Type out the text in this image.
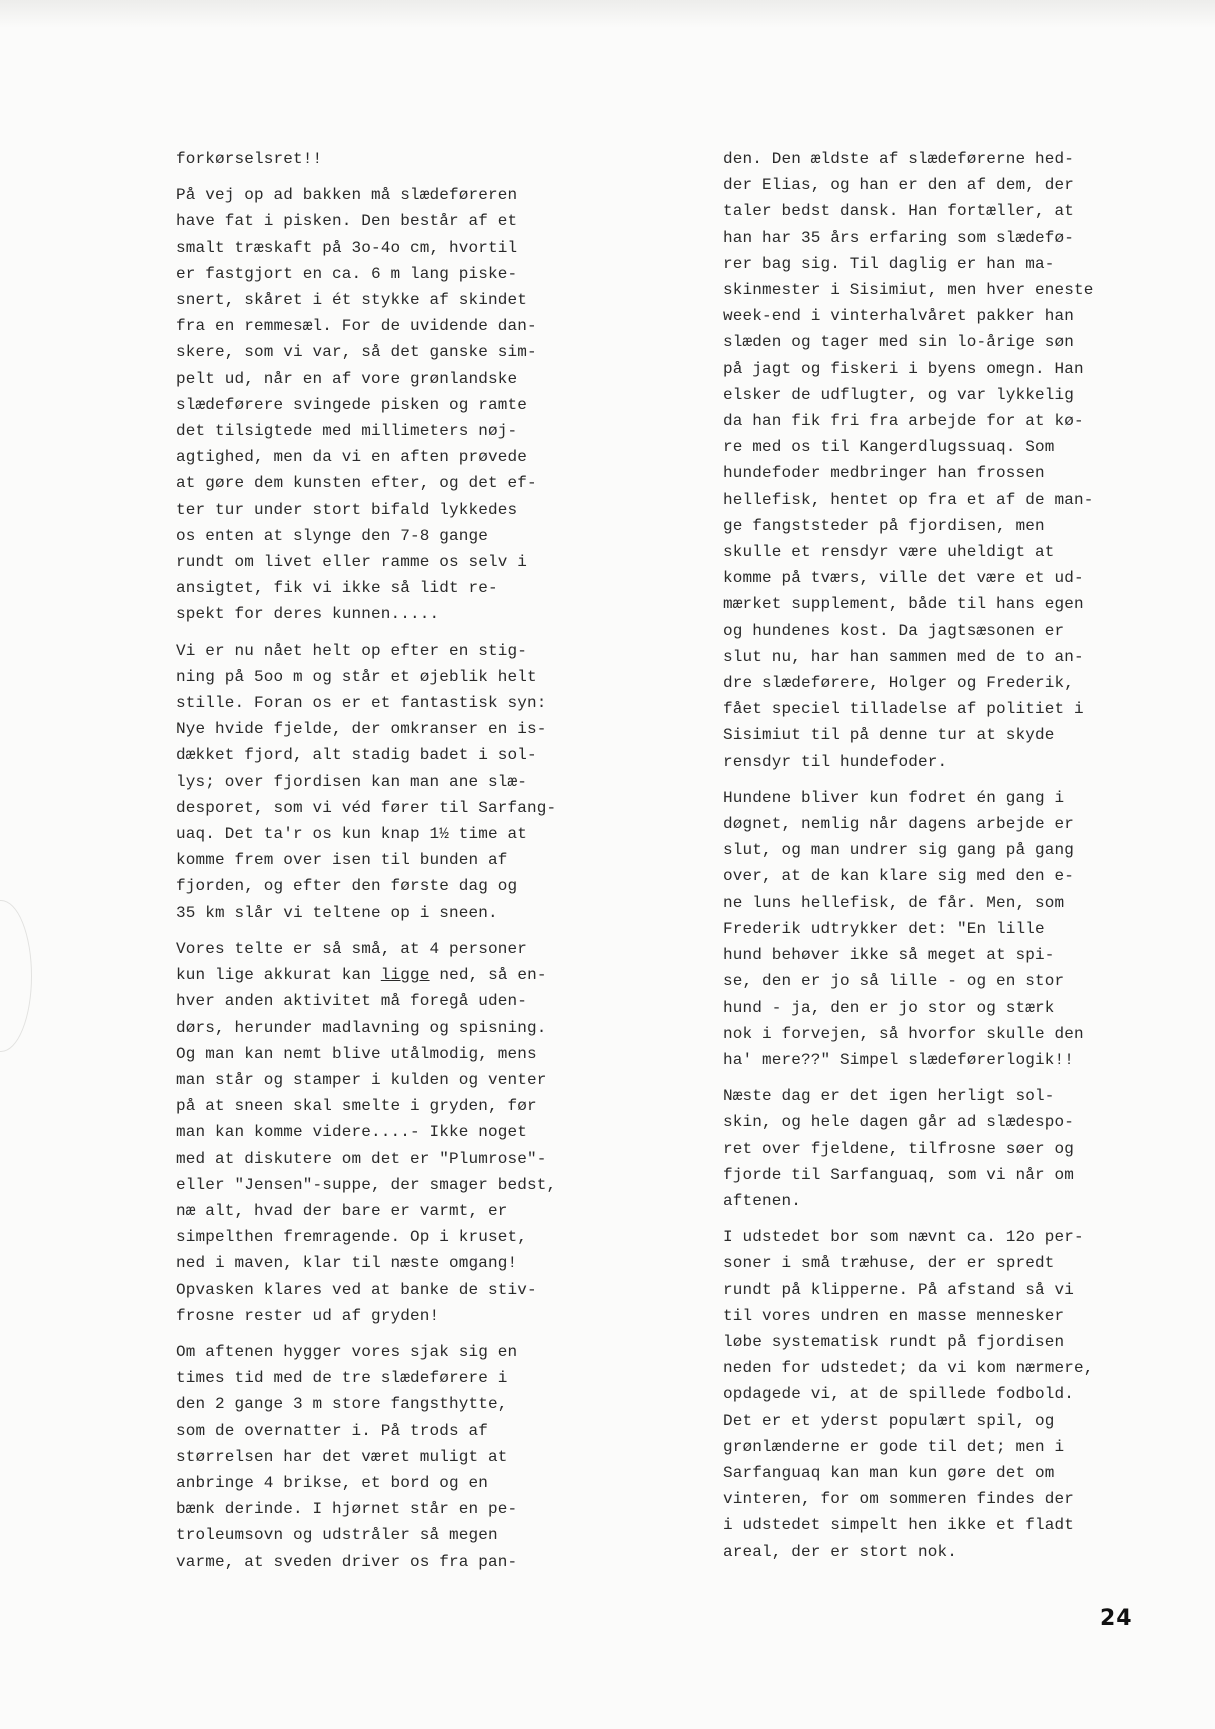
forkørselsret!!
På vej op ad bakken må slædeføreren
have fat i pisken. Den består af et
smalt træskaft på 3o-4o cm, hvortil
er fastgjort en ca. 6 m lang piske-
snert, skåret i ét stykke af skindet
fra en remmesæl. For de uvidende dan-
skere, som vi var, så det ganske sim-
pelt ud, når en af vore grønlandske
slædeførere svingede pisken og ramte
det tilsigtede med millimeters nøj-
agtighed, men da vi en aften prøvede
at gøre dem kunsten efter, og det ef-
ter tur under stort bifald lykkedes
os enten at slynge den 7-8 gange
rundt om livet eller ramme os selv i
ansigtet, fik vi ikke så lidt re-
spekt for deres kunnen.....
Vi er nu nået helt op efter en stig-
ning på 5oo m og står et øjeblik helt
stille. Foran os er et fantastisk syn:
Nye hvide fjelde, der omkranser en is-
dækket fjord, alt stadig badet i sol-
lys; over fjordisen kan man ane slæ-
desporet, som vi véd fører til Sarfang-
uaq. Det ta'r os kun knap 1½ time at
komme frem over isen til bunden af
fjorden, og efter den første dag og
35 km slår vi teltene op i sneen.
Vores telte er så små, at 4 personer
kun lige akkurat kan ligge ned, så en-
hver anden aktivitet må foregå uden-
dørs, herunder madlavning og spisning.
Og man kan nemt blive utålmodig, mens
man står og stamper i kulden og venter
på at sneen skal smelte i gryden, før
man kan komme videre....- Ikke noget
med at diskutere om det er "Plumrose"-
eller "Jensen"-suppe, der smager bedst,
næ alt, hvad der bare er varmt, er
simpelthen fremragende. Op i kruset,
ned i maven, klar til næste omgang!
Opvasken klares ved at banke de stiv-
frosne rester ud af gryden!
Om aftenen hygger vores sjak sig en
times tid med de tre slædeførere i
den 2 gange 3 m store fangsthytte,
som de overnatter i. På trods af
størrelsen har det været muligt at
anbringe 4 brikse, et bord og en
bænk derinde. I hjørnet står en pe-
troleumsovn og udstråler så megen
varme, at sveden driver os fra pan-
den. Den ældste af slædeførerne hed-
der Elias, og han er den af dem, der
taler bedst dansk. Han fortæller, at
han har 35 års erfaring som slædefø-
rer bag sig. Til daglig er han ma-
skinmester i Sisimiut, men hver eneste
week-end i vinterhalvåret pakker han
slæden og tager med sin lo-årige søn
på jagt og fiskeri i byens omegn. Han
elsker de udflugter, og var lykkelig
da han fik fri fra arbejde for at kø-
re med os til Kangerdlugssuaq. Som
hundefoder medbringer han frossen
hellefisk, hentet op fra et af de man-
ge fangststeder på fjordisen, men
skulle et rensdyr være uheldigt at
komme på tværs, ville det være et ud-
mærket supplement, både til hans egen
og hundenes kost. Da jagtsæsonen er
slut nu, har han sammen med de to an-
dre slædeførere, Holger og Frederik,
fået speciel tilladelse af politiet i
Sisimiut til på denne tur at skyde
rensdyr til hundefoder.
Hundene bliver kun fodret én gang i
døgnet, nemlig når dagens arbejde er
slut, og man undrer sig gang på gang
over, at de kan klare sig med den e-
ne luns hellefisk, de får. Men, som
Frederik udtrykker det: "En lille
hund behøver ikke så meget at spi-
se, den er jo så lille - og en stor
hund - ja, den er jo stor og stærk
nok i forvejen, så hvorfor skulle den
ha' mere??" Simpel slædeførerlogik!!
Næste dag er det igen herligt sol-
skin, og hele dagen går ad slædespo-
ret over fjeldene, tilfrosne søer og
fjorde til Sarfanguaq, som vi når om
aftenen.
I udstedet bor som nævnt ca. 12o per-
soner i små træhuse, der er spredt
rundt på klipperne. På afstand så vi
til vores undren en masse mennesker
løbe systematisk rundt på fjordisen
neden for udstedet; da vi kom nærmere,
opdagede vi, at de spillede fodbold.
Det er et yderst populært spil, og
grønlænderne er gode til det; men i
Sarfanguaq kan man kun gøre det om
vinteren, for om sommeren findes der
i udstedet simpelt hen ikke et fladt
areal, der er stort nok.
24
